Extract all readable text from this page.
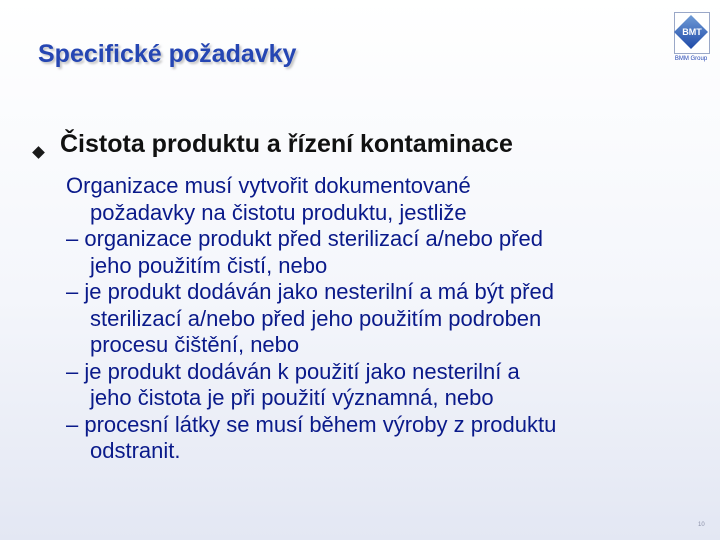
Specifické požadavky
BMT
BMM Group
Čistota produktu a řízení kontaminace
Organizace musí vytvořit dokumentované
požadavky na čistotu produktu, jestliže
– organizace produkt před sterilizací a/nebo před
jeho použitím čistí, nebo
– je produkt dodáván jako nesterilní a má být před
sterilizací a/nebo před jeho použitím podroben
procesu čištění, nebo
– je produkt dodáván k použití jako nesterilní a
jeho čistota je při použití významná, nebo
– procesní látky se musí během výroby z produktu
odstranit.
10
